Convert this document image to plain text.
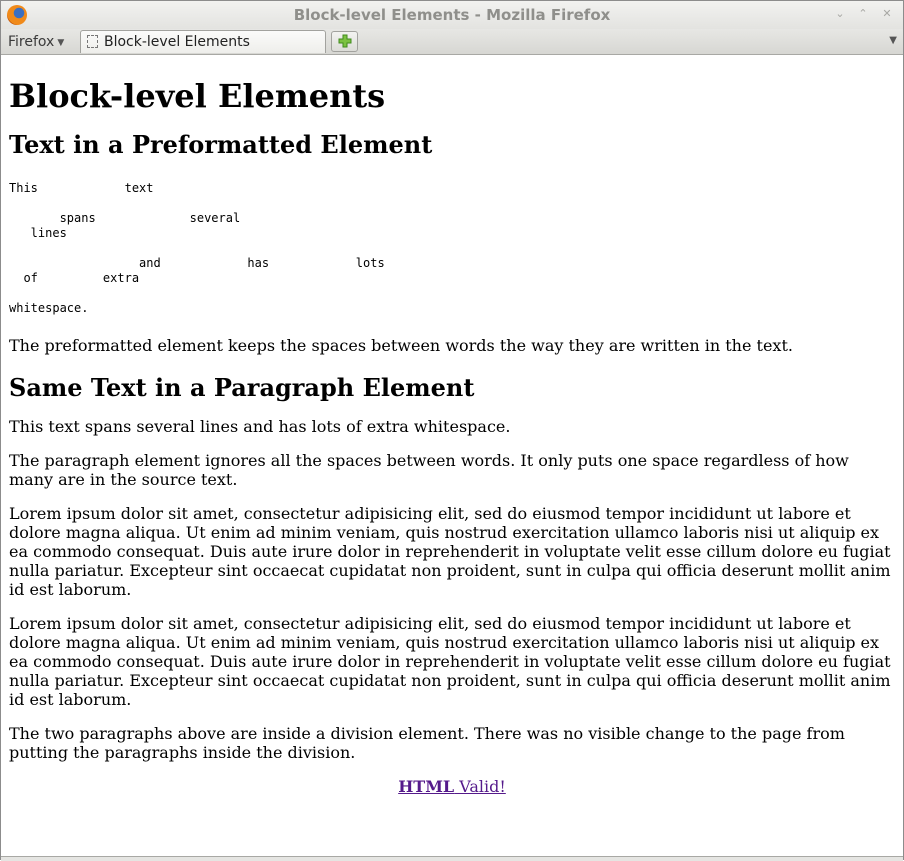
Block-level Elements - Mozilla Firefox	⌄	⌃	✕
Firefox ▼	Block-level Elements	▼
Block-level Elements
Text in a Preformatted Element
This            text

spans             several
lines

and            has            lots
of         extra

whitespace.

The preformatted element keeps the spaces between words the way they are written in the text.

Same Text in a Paragraph Element

This text spans several lines and has lots of extra whitespace.

The paragraph element ignores all the spaces between words. It only puts one space regardless of how many are in the source text.

Lorem ipsum dolor sit amet, consectetur adipisicing elit, sed do eiusmod tempor incididunt ut labore et dolore magna aliqua. Ut enim ad minim veniam, quis nostrud exercitation ullamco laboris nisi ut aliquip ex ea commodo consequat. Duis aute irure dolor in reprehenderit in voluptate velit esse cillum dolore eu fugiat nulla pariatur. Excepteur sint occaecat cupidatat non proident, sunt in culpa qui officia deserunt mollit anim id est laborum.

Lorem ipsum dolor sit amet, consectetur adipisicing elit, sed do eiusmod tempor incididunt ut labore et dolore magna aliqua. Ut enim ad minim veniam, quis nostrud exercitation ullamco laboris nisi ut aliquip ex ea commodo consequat. Duis aute irure dolor in reprehenderit in voluptate velit esse cillum dolore eu fugiat nulla pariatur. Excepteur sint occaecat cupidatat non proident, sunt in culpa qui officia deserunt mollit anim id est laborum.

The two paragraphs above are inside a division element. There was no visible change to the page from putting the paragraphs inside the division.

HTML Valid!
